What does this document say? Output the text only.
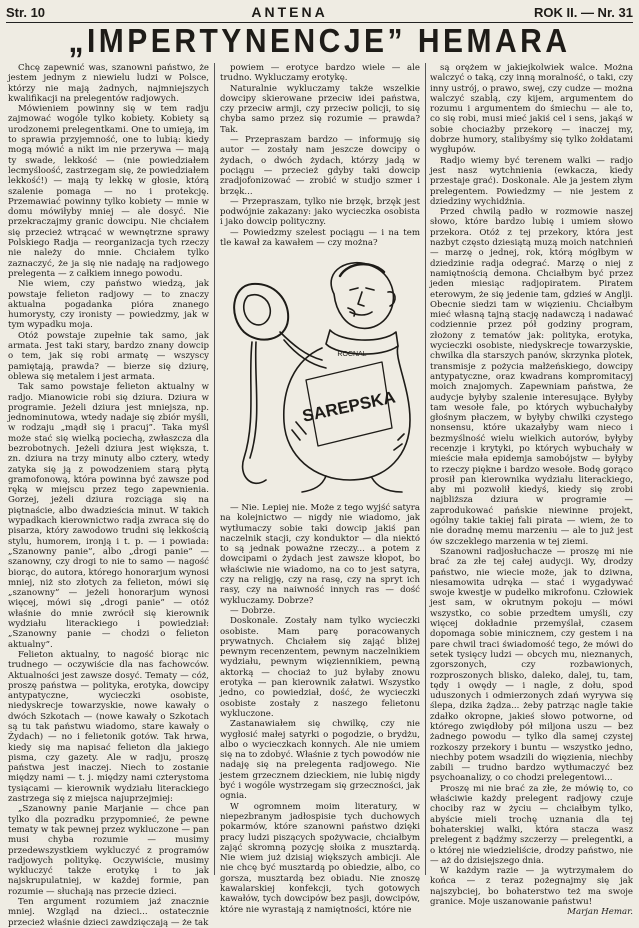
Str. 10	ANTENA	ROK II. — Nr. 31
„IMPERTYNENCJE” HEMARA

Chcę zapewnić was, szanowni państwo, że jestem jednym z niewielu ludzi w Polsce, którzy nie mają żadnych, najmniejszych kwalifikacji na prelegentów radjowych.

Mówieniem powinny się w tem radju zajmować wogóle tylko kobiety. Kobiety są urodzonemi prelegentkami. One to umieją, im to sprawia przyjemność, one to lubią: kiedy mogą mówić a nikt im nie przerywa — mają ty swade, lekkość — (nie powiedziałem lecmyśloość, zastrzegam się, że powiedziałem lekkość!) — mają ty lekkę w głosie, którą szalenie pomaga — no i protekcję. Przemawiać powinny tylko kobiety — mnie w domu mówiłyby mniej — ale dosyć. Nie przekraczajmy granic dowcipu. Nie chciałem się przecież wtrącać w wewnętrzne sprawy Polskiego Radja — reorganizacja tych rzeczy nie należy do mnie. Chciałem tylko zaznaczyć, że ja się nie nadaję na radjowego prelegenta — z całkiem innego powodu.

Nie wiem, czy państwo wiedzą, jak powstaje felieton radjowy — to znaczy aktualna pogadanka pióra znanego humorysty, czy ironisty — powiedzmy, jak w tym wypadku moja.

Otóż powstaje zupełnie tak samo, jak armata. Jest taki stary, bardzo znany dowcip o tem, jak się robi armatę — wszyscy pamiętają, prawda? — bierze się dziurę, oblewa się metalem i jest armata.

Tak samo powstaje felieton aktualny w radjo. Mianowicie robi się dziura. Dziura w programie. Jeżeli dziura jest mniejsza, np. jednominutowa, wtedy nadaje się zbiór myśli, w rodzaju „mądł się i pracuj”. Taka myśl może stać się wielką pociechą, zwłaszcza dla bezrobotnych. Jeżeli dziura jest większa, t. zn. dziura na trzy minuty albo cztery, wtedy zatyka się ją z powodzeniem starą płytą gramofonową, która powinna być zawsze pod ręką w miejscu przez tego zapewnienia. Gorzej, jeżeli dziura rozciąga się na piętnaście, albo dwadzieścia minut. W takich wypadkach kierownictwo radja zwraca się do pisarza, który zawodowo trudni się lekkością stylu, humorem, ironją i t. p. — i powiada: „Szanowny panie”, albo „drogi panie” — szanowny, czy drogi to nie to samo — nagość biorąc, do autora, którego honorarjum wynosi mniej, niż sto złotych za felieton, mówi się „szanowny” — jeżeli honorarjum wynosi więcej, mówi się „drogi panie” — otóż właśnie do mnie zwrócił się kierownik wydziału literackiego i powiedział: „Szanowny panie — chodzi o felieton aktualny”.

Felieton aktualny, to nagość biorąc nic trudnego — oczywiście dla nas fachowców. Aktualności jest zawsze dosyć. Tematy — cóż, proszę państwa — polityka, erotyka, dowcipy antypatyczne, wycieczki osobiste, niedyskrecje towarzyskie, nowe kawały o dwóch Szkotach — (nowe kawały o Szkotach są tu tak państwu wiadomo, stare kawały o Żydach) — no i felietonik gotów. Tak hrwa, kiedy się ma napisać felieton dla jakiego pisma, czy gazety. Ale w radju, proszę państwa jest inaczej. Niech to zostanie między nami — t. j. między nami czterystoma tysiącami — kierownik wydziału literackiego zastrzega się z miejsca najuprzejmiej:

„Szanowny panie Marjanie — chce pan tylko dla pozradku przypomnieć, że pewne tematy w tak pewnej przez wykluczone — pan musi chyba rozumie — musimy przedewszystkiem wykluczyć z programów radjowych politykę. Oczywiście, musimy wykluczyć także erotykę i to jak najskrupulatniej, w każdej formie, pan rozumie — słuchają nas przecie dzieci.

Ten argument rozumiem jaź znacznie mniej. Wzgląd na dzieci... ostatecznie przecież właśnie dzieci zawdzięczają — że tak

powiem — erotyce bardzo wiele — ale trudno. Wykluczamy erotykę.

Naturalnie wykluczamy także wszelkie dowcipy skierowane przeciw idei państwa, czy przeciw armji, czy przeciw policji, to się chyba samo przez się rozumie — prawda? Tak.

— Przepraszam bardzo — informuję się autor — zostały nam jeszcze dowcipy o żydach, o dwóch żydach, którzy jadą w pociągu — przecież gdyby taki dowcip zradjofonizować — zrobić w studjo szmer i brzęk...

— Przepraszam, tylko nie brzęk, brzęk jest podwójnie zakazany: jako wycieczka osobista i jako dowcip polityczny.

— Powiedzmy szelest pociągu — i na tem tle kawał za kawałem — czy można?

ROCNAL
SAREPSKA

— Nie. Lepiej nie. Może z tego wyjść satyra na kolejnictwo — nigdy nie wiadomo, jak wytłumaczy sobie taki dowcip jakiś pan naczelnik stacji, czy konduktor — dla niektó to są jednak poważne rzeczy... a potem z dowcipami o żydach jest zawsze kłopot, bo właściwie nie wiadomo, na co to jest satyra, czy na religję, czy na rasę, czy na spryt ich rasy, czy na naiwność innych ras — dość wykluczamy. Dobrze?

— Dobrze.

Doskonale. Zostały nam tylko wycieczki osobiste. Mam parę poracowanych prywatnych. Chciałem się zająć bliżej pewnym recenzentem, pewnym naczelnikiem wydziału, pewnym więziennikiem, pewną aktorką — chociaż to już byłaby znowu erotyka — pan kierownik załatwi. Wszystko jedno, co powiedział, dość, że wycieczki osobiste zostały z naszego felietonu wykluczone.

Zastanawiałem się chwilkę, czy nie wygłosić małej satyrki o pogodzie, o brydżu, albo o wycieczkach konnych. Ale nie umiem się na to zdobyć. Właśnie z tych powodów nie nadaję się na prelegenta radjowego. Nie jestem grzecznem dzieckiem, nie lubię nigdy być i wogóle wystrzegam się grzeczności, jak ognia.

W ogromnem moim literatury, w niepezbranym jadłospisie tych duchowych pokarmów, które szanowni państwo dzięki pracy ludzi piszących spożywacie, chciałbym zająć skromną pozycję słoika z musztardą. Nie wiem już dzisiaj większych ambicji. Ale nie chcę być musztardą po obiedzie, albo, co gorsza, musztardą bez obiadu. Nie znoszę kawalarskiej konfekcji, tych gotowych kawałów, tych dowcipów bez pasji, dowcipów, które nie wyrastają z namiętności, które nie

są orężem w jakiejkolwiek walce. Można walczyć o taką, czy inną moralność, o taki, czy inny ustrój, o prawo, swej, czy cudze — można walczyć szablą, czy kijem, argumentem do rozumu i argumentem do śmiechu — ale to, co się robi, musi mieć jakiś cel i sens, jakąś w sobie chociażby przekorę — inaczej my, dobrze humory, stalibyśmy się tylko żołdatami wygłupów.

Radjo wiemy być terenem walki — radjo jest nasz wytchnienia (ewkacza, kiedy przestaje grać). Doskonale. Ale ja jestem złym prelegentem. Powiedzmy — nie jestem z dziedziny wychidźnia.

Przed chwilą padło w rozmowie naszej słowo, które bardzo lubię i umiem słowo przekora. Otóż z tej przekory, która jest nazbyt często dziesiątą muzą moich natchnień — marzę o jednej, rok, którą mógłbym w dziedzinie radja odegrać. Marzę o niej z namiętnością demona. Chciałbym być przez jeden miesiąc radjopiratem. Piratem eterowym, że się jedenie tam, gdzieś w Anglji. Obecnie siedzi tam w więzieniu. Chciałbym mieć własną tajną stację nadawczą i nadawać codziennie przez pół godziny program, złożony z tematów jak: polityka, erotyka, wycieczki osobiste, niedyskrecje towarzyskie, chwilka dla starszych panów, skrzynka plotek, transmisje z pożycia małżeńskiego, dowcipy antypatyczne, oraz kwadrans kompromitacyj moich znajomych. Zapewniam państwa, że audycje byłyby szalenie interesujące. Byłyby tam wesołe fale, po których wybuchałyby głośnym płaczem, w byłyby chwilki czystego nonsensu, które ukazałyby wam nieco i bezmyślność wielu wielkich autorów, byłyby recenzje i krytyki, po których wybuchały w mieście mała epidemja samobójstw — byłyby to rzeczy piękne i bardzo wesołe. Bodę gorąco prosił pan kierownika wydziału literackiego, aby mi pozwolił kiedyś, kiedy się zrobi najbliższa dziura w programie — zaprodukować pańskie niewinne projekt, ogólny takie takiej fali pirata — wiem, że to nie doradnę memu marzeniu — ale to już jest ów szczeklego marzenia w tej ziemi.

Szanowni radjosłuchacze — proszę mi nie brać za złe tej całej audycji. Wy, drodzy państwo, nie wiecie może, jak to dziwna, niesamowita udręka — stać i wygadywać swoje kwestje w pudełko mikrofonu. Człowiek jest sam, w okrutnym pokoju — mówi wszystko, co sobie przedtem umyśli, czy więcej dokładnie przemyślał, czasem dopomaga sobie minicznem, czy gestem i na pare chwil traci świadomość tego, że mówi do setek tysięcy ludzi — obcych mu, nieznanych, zgorszonych, czy rozbawionych, rozproszonych blisko, daleko, dalej, tu, tam, tędy i owędy — i nagle, z dołu, spod uduszonych i odmierzonych zdań wyrywa się ślepa, dzika żądza... żeby patrząc nagle takie zdałko okropne, jakieś słowo potworne, od którego zwiędłoby pół miljona uszu — bez żadnego powodu — tylko dla samej czystej rozkoszy przekory i buntu — wszystko jedno, niechby potem wsadzili do więzienia, niechby zabili — trudno bardzo wytłumaczyć bez psychoanalizy, o co chodzi prelegentowi...

Proszę mi nie brać za złe, że mówię to, co właściwie każdy prelegent radjowy czuje chociby raz w życiu — chciałbym tylko, abyście mieli trochę uznania dla tej bohaterskiej walki, która stacza wasz prelegent z bądźmy szczerzy — prelegentki, a o której nie wiedzieliście, drodzy państwo, nie — aż do dzisiejszego dnia.

W każdym razie — ja wytrzymałem do końca — z teraz pożegnajmy się jak najszybciej, bo bohaterstwo też ma swoje granice. Moje uszanowanie państwu!

Marjan Hemar.
